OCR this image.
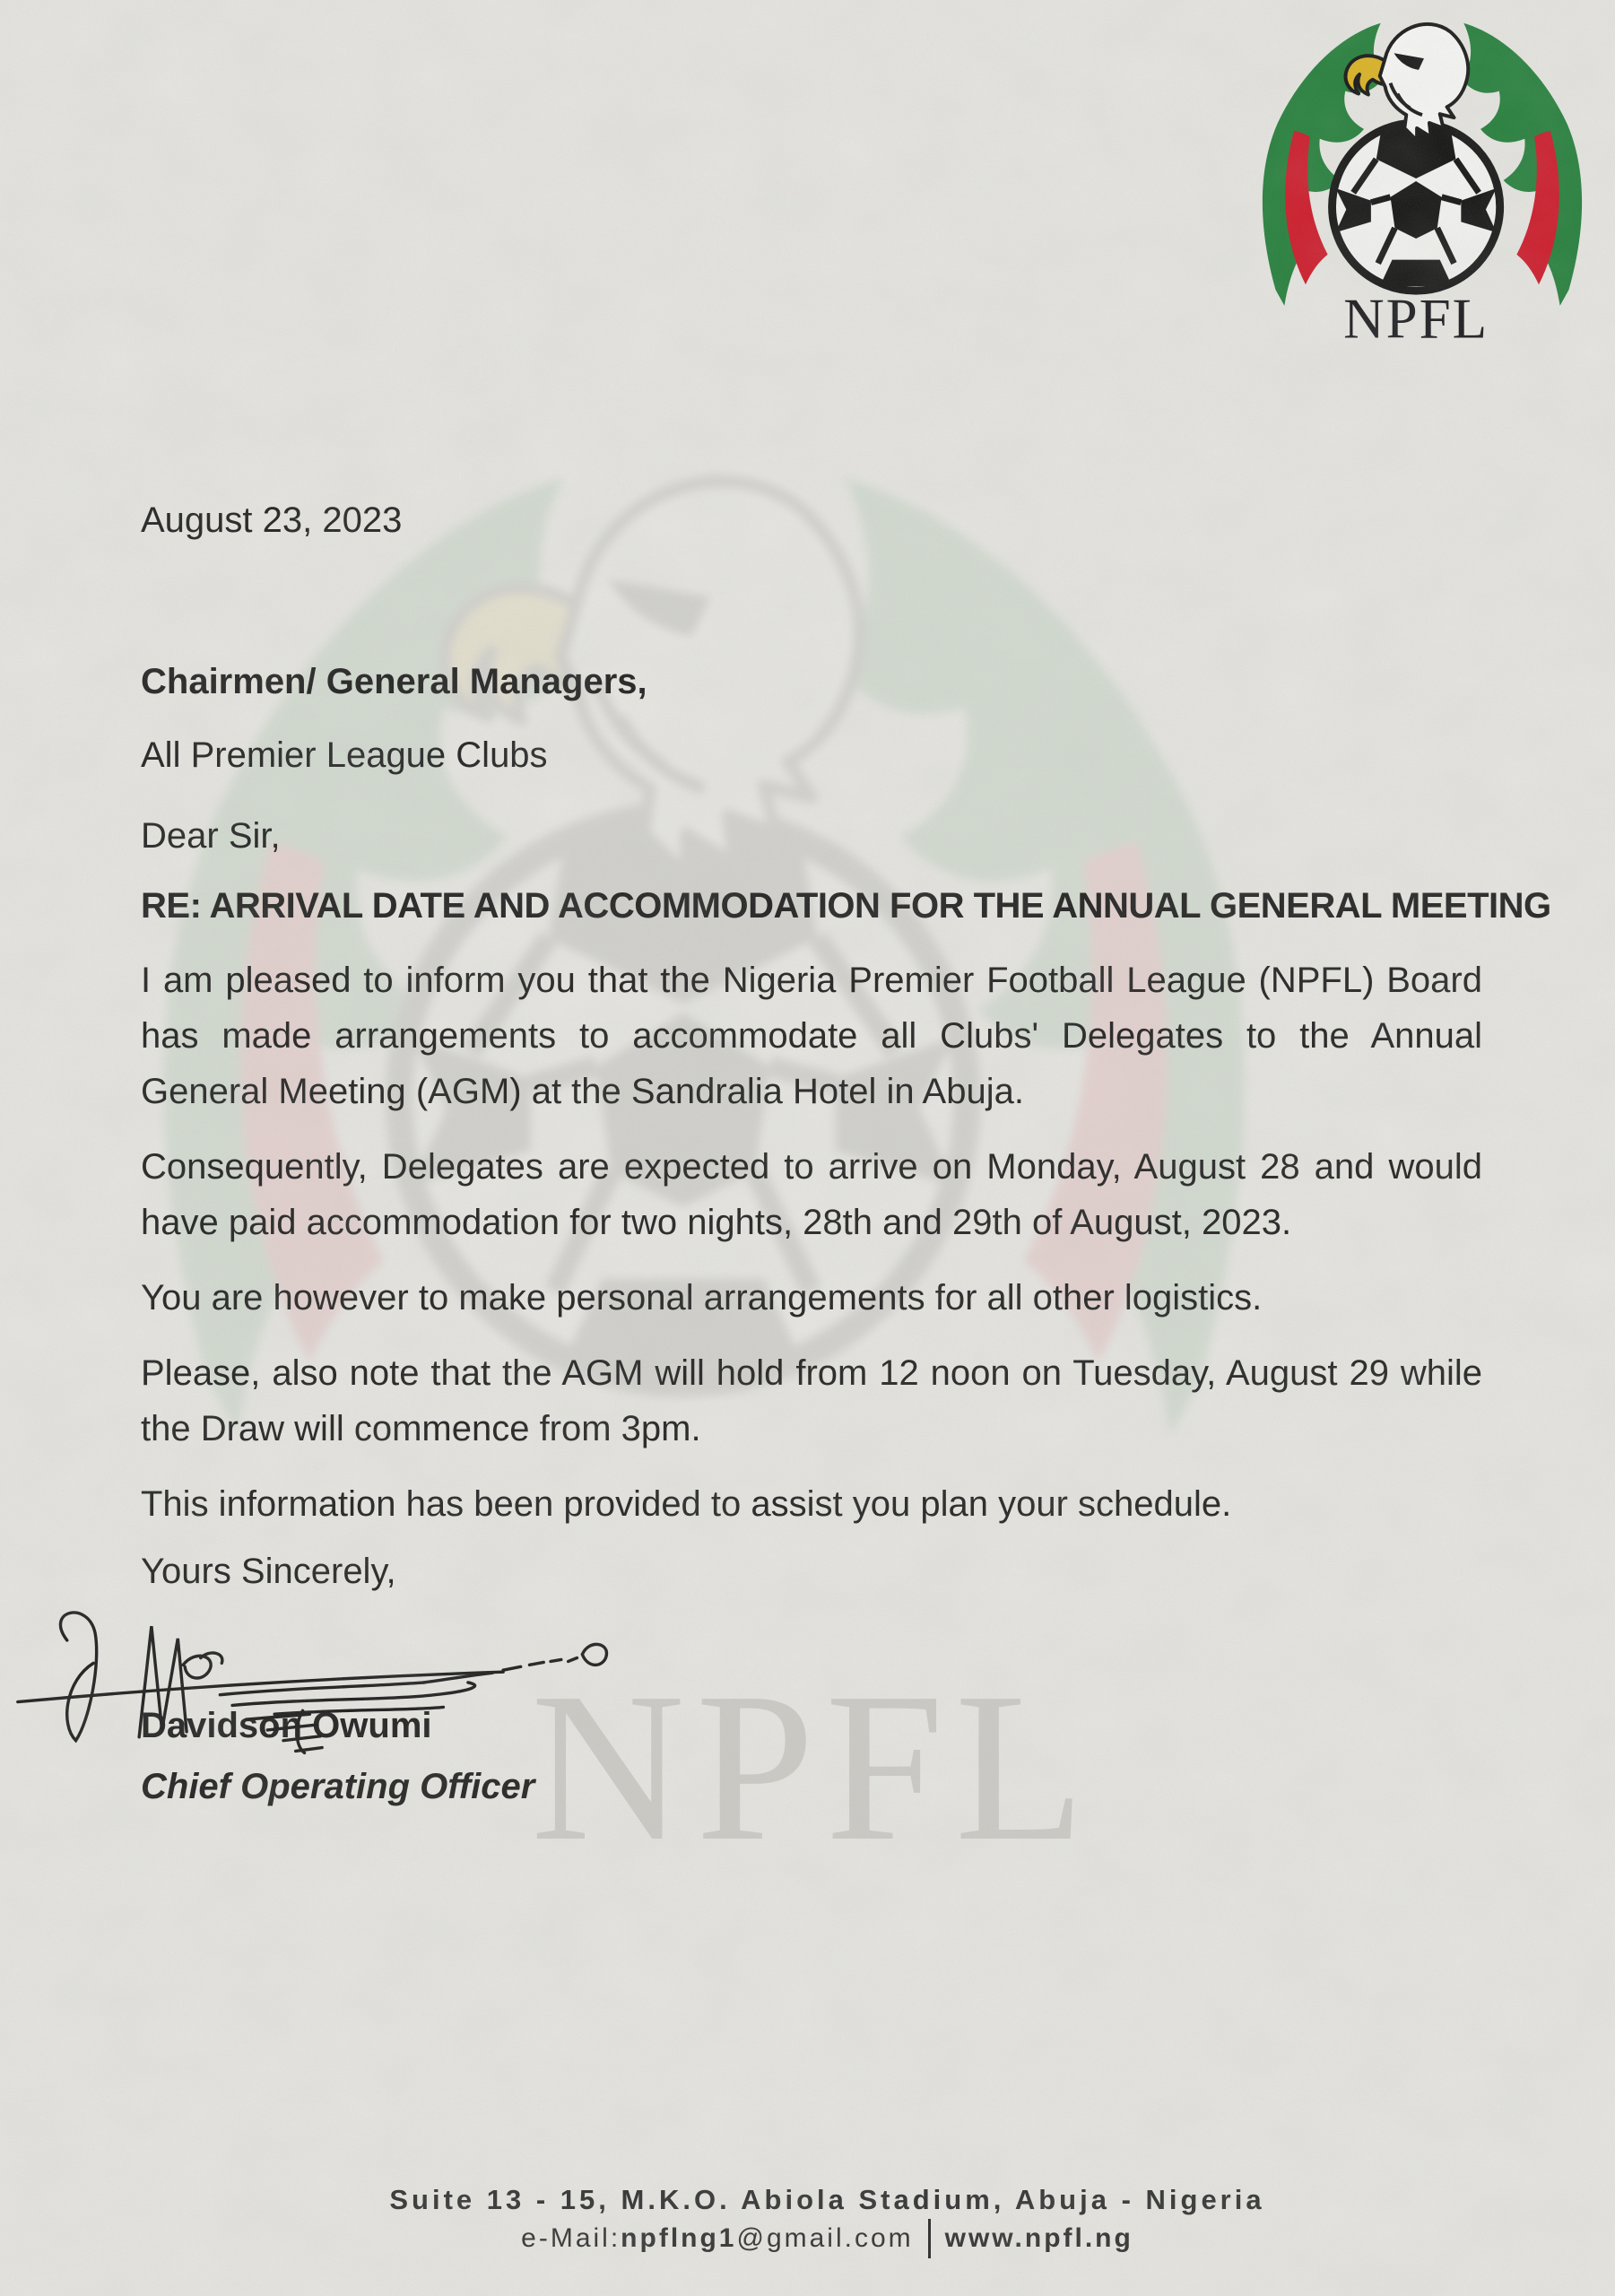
NPFL
NPFL
August 23, 2023
Chairmen/ General Managers,
All Premier League Clubs
Dear Sir,
RE: ARRIVAL DATE AND ACCOMMODATION FOR THE ANNUAL GENERAL MEETING

I am pleased to inform you that the Nigeria Premier Football League (NPFL) Board has made arrangements to accommodate all Clubs' Delegates to the Annual General Meeting (AGM) at the Sandralia Hotel in Abuja.

Consequently, Delegates are expected to arrive on Monday, August 28 and would have paid accommodation for two nights, 28th and 29th of August, 2023.

You are however to make personal arrangements for all other logistics.

Please, also note that the AGM will hold from 12 noon on Tuesday, August 29 while the Draw will commence from 3pm.

This information has been provided to assist you plan your schedule.

Yours Sincerely,
Davidson Owumi
Chief Operating Officer
Suite 13 - 15, M.K.O. Abiola Stadium, Abuja - Nigeria
e-Mail: npflng1 @gmail.com www.npfl.ng
